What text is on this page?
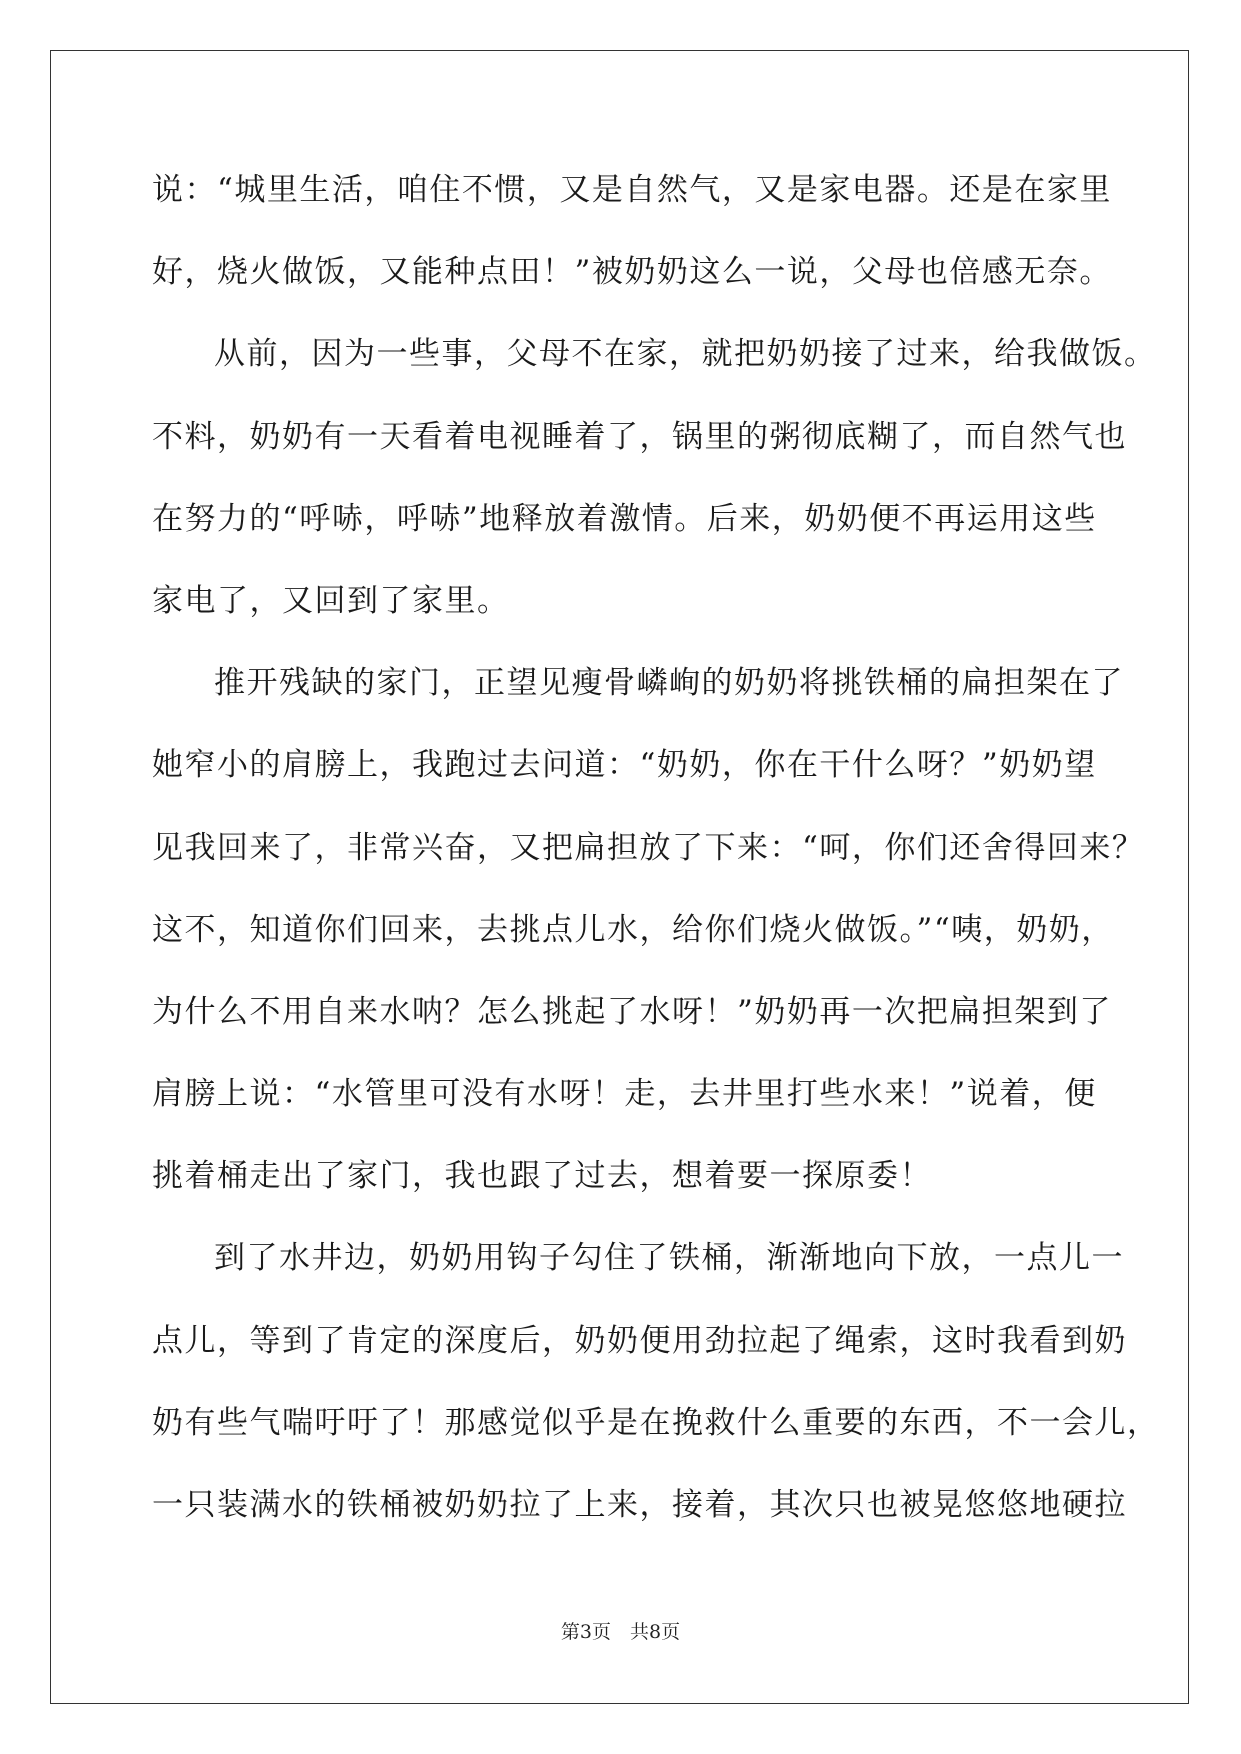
说：“城里生活，咱住不惯，又是自然气，又是家电器。还是在家里
好，烧火做饭，又能种点田！”被奶奶这么一说，父母也倍感无奈。
从前，因为一些事，父母不在家，就把奶奶接了过来，给我做饭。
不料，奶奶有一天看着电视睡着了，锅里的粥彻底糊了，而自然气也
在努力的“呼哧，呼哧”地释放着激情。后来，奶奶便不再运用这些
家电了，又回到了家里。
推开残缺的家门，正望见瘦骨嶙峋的奶奶将挑铁桶的扁担架在了
她窄小的肩膀上，我跑过去问道：“奶奶，你在干什么呀？”奶奶望
见我回来了，非常兴奋，又把扁担放了下来：“呵，你们还舍得回来？
这不，知道你们回来，去挑点儿水，给你们烧火做饭。”“咦，奶奶，
为什么不用自来水呐？怎么挑起了水呀！”奶奶再一次把扁担架到了
肩膀上说：“水管里可没有水呀！走，去井里打些水来！”说着，便
挑着桶走出了家门，我也跟了过去，想着要一探原委！
到了水井边，奶奶用钩子勾住了铁桶，渐渐地向下放，一点儿一
点儿，等到了肯定的深度后，奶奶便用劲拉起了绳索，这时我看到奶
奶有些气喘吁吁了！那感觉似乎是在挽救什么重要的东西，不一会儿，
一只装满水的铁桶被奶奶拉了上来，接着，其次只也被晃悠悠地硬拉
第3页　共8页
